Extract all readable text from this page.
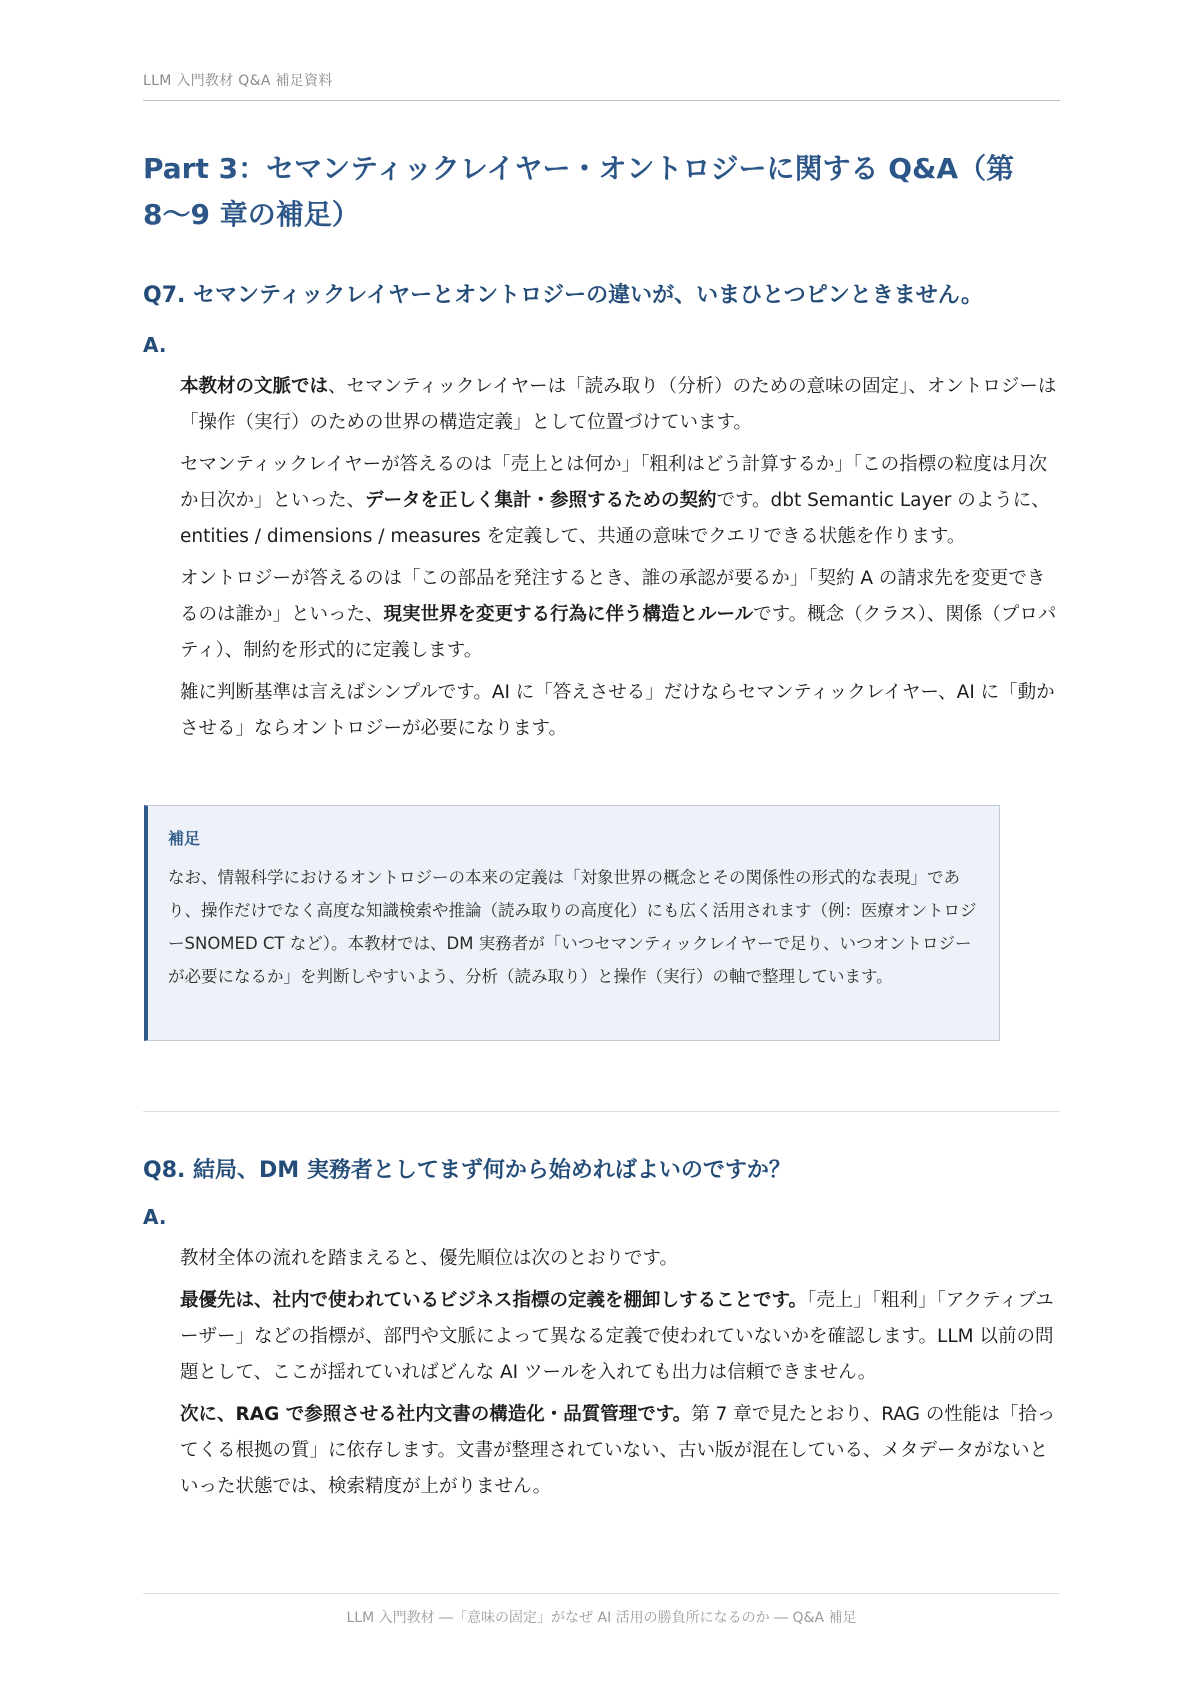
LLM 入門教材 Q&A 補足資料
Part 3：セマンティックレイヤー・オントロジーに関する Q&A（第 8〜9 章の補足）
Q7. セマンティックレイヤーとオントロジーの違いが、いまひとつピンときません。
A.

本教材の文脈では、セマンティックレイヤーは「読み取り（分析）のための意味の固定」、オントロジーは「操作（実行）のための世界の構造定義」として位置づけています。

セマンティックレイヤーが答えるのは「売上とは何か」「粗利はどう計算するか」「この指標の粒度は月次か日次か」といった、データを正しく集計・参照するための契約です。dbt Semantic Layer のように、entities / dimensions / measures を定義して、共通の意味でクエリできる状態を作ります。

オントロジーが答えるのは「この部品を発注するとき、誰の承認が要るか」「契約 A の請求先を変更できるのは誰か」といった、現実世界を変更する行為に伴う構造とルールです。概念（クラス）、関係（プロパティ）、制約を形式的に定義します。

雑に判断基準は言えばシンプルです。AI に「答えさせる」だけならセマンティックレイヤー、AI に「動かさせる」ならオントロジーが必要になります。

補足

なお、情報科学におけるオントロジーの本来の定義は「対象世界の概念とその関係性の形式的な表現」であり、操作だけでなく高度な知識検索や推論（読み取りの高度化）にも広く活用されます（例：医療オントロジーSNOMED CT など）。本教材では、DM 実務者が「いつセマンティックレイヤーで足り、いつオントロジーが必要になるか」を判断しやすいよう、分析（読み取り）と操作（実行）の軸で整理しています。

Q8. 結局、DM 実務者としてまず何から始めればよいのですか？
A.

教材全体の流れを踏まえると、優先順位は次のとおりです。

最優先は、社内で使われているビジネス指標の定義を棚卸しすることです。「売上」「粗利」「アクティブユーザー」などの指標が、部門や文脈によって異なる定義で使われていないかを確認します。LLM 以前の問題として、ここが揺れていればどんな AI ツールを入れても出力は信頼できません。

次に、RAG で参照させる社内文書の構造化・品質管理です。第 7 章で見たとおり、RAG の性能は「拾ってくる根拠の質」に依存します。文書が整理されていない、古い版が混在している、メタデータがないといった状態では、検索精度が上がりません。

LLM 入門教材 ―「意味の固定」がなぜ AI 活用の勝負所になるのか ― Q&A 補足
